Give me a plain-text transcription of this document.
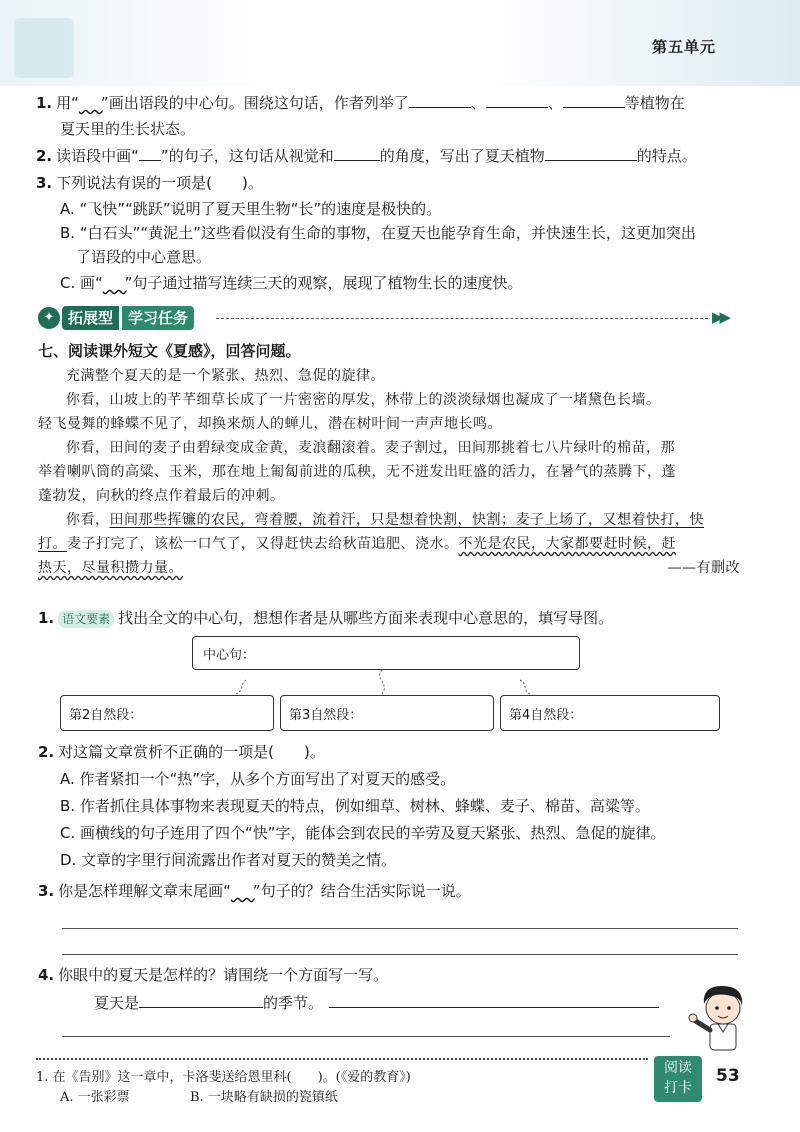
第五单元
1. 用“ ”画出语段的中心句。围绕这句话，作者列举了	、	、	等植物在
夏天里的生长状态。
2. 读语段中画“ ”的句子，这句话从视觉和	的角度，写出了夏天植物	的特点。
3. 下列说法有误的一项是(　　)。
A. “飞快”“跳跃”说明了夏天里生物“长”的速度是极快的。
B. “白石头”“黄泥土”这些看似没有生命的事物，在夏天也能孕育生命，并快速生长，这更加突出
了语段的中心意思。
C. 画“ ”句子通过描写连续三天的观察，展现了植物生长的速度快。
✦ 拓展型 学习任务	▶▶
七、阅读课外短文《夏感》，回答问题。
充满整个夏天的是一个紧张、热烈、急促的旋律。
你看，山坡上的芊芊细草长成了一片密密的厚发，林带上的淡淡绿烟也凝成了一堵黛色长墙。
轻飞曼舞的蜂蝶不见了，却换来烦人的蝉儿，潜在树叶间一声声地长鸣。
你看，田间的麦子由碧绿变成金黄，麦浪翻滚着。麦子割过，田间那挑着七八片绿叶的棉苗，那
举着喇叭筒的高粱、玉米，那在地上匍匐前进的瓜秧，无不迸发出旺盛的活力，在暑气的蒸腾下，蓬
蓬勃发，向秋的终点作着最后的冲刺。
你看，田间那些挥镰的农民，弯着腰，流着汗，只是想着快割，快割；麦子上场了，又想着快打，快
打。麦子打完了，该松一口气了，又得赶快去给秋苗追肥、浇水。不光是农民，大家都要赶时候，赶
热天，尽量积攒力量。	——有删改
1. 语文要素 找出全文的中心句，想想作者是从哪些方面来表现中心意思的，填写导图。
中心句：
第2自然段：	第3自然段：	第4自然段：
2. 对这篇文章赏析不正确的一项是(　　)。
A. 作者紧扣一个“热”字，从多个方面写出了对夏天的感受。
B. 作者抓住具体事物来表现夏天的特点，例如细草、树林、蜂蝶、麦子、棉苗、高粱等。
C. 画横线的句子连用了四个“快”字，能体会到农民的辛劳及夏天紧张、热烈、急促的旋律。
D. 文章的字里行间流露出作者对夏天的赞美之情。
3. 你是怎样理解文章末尾画“ ”句子的？结合生活实际说一说。
4. 你眼中的夏天是怎样的？请围绕一个方面写一写。
夏天是	的季节。
1. 在《告别》这一章中，卡洛斐送给恩里科(　　)。(《爱的教育》)
A. 一张彩票	B. 一块略有缺损的瓷镇纸
阅读
打卡
53
